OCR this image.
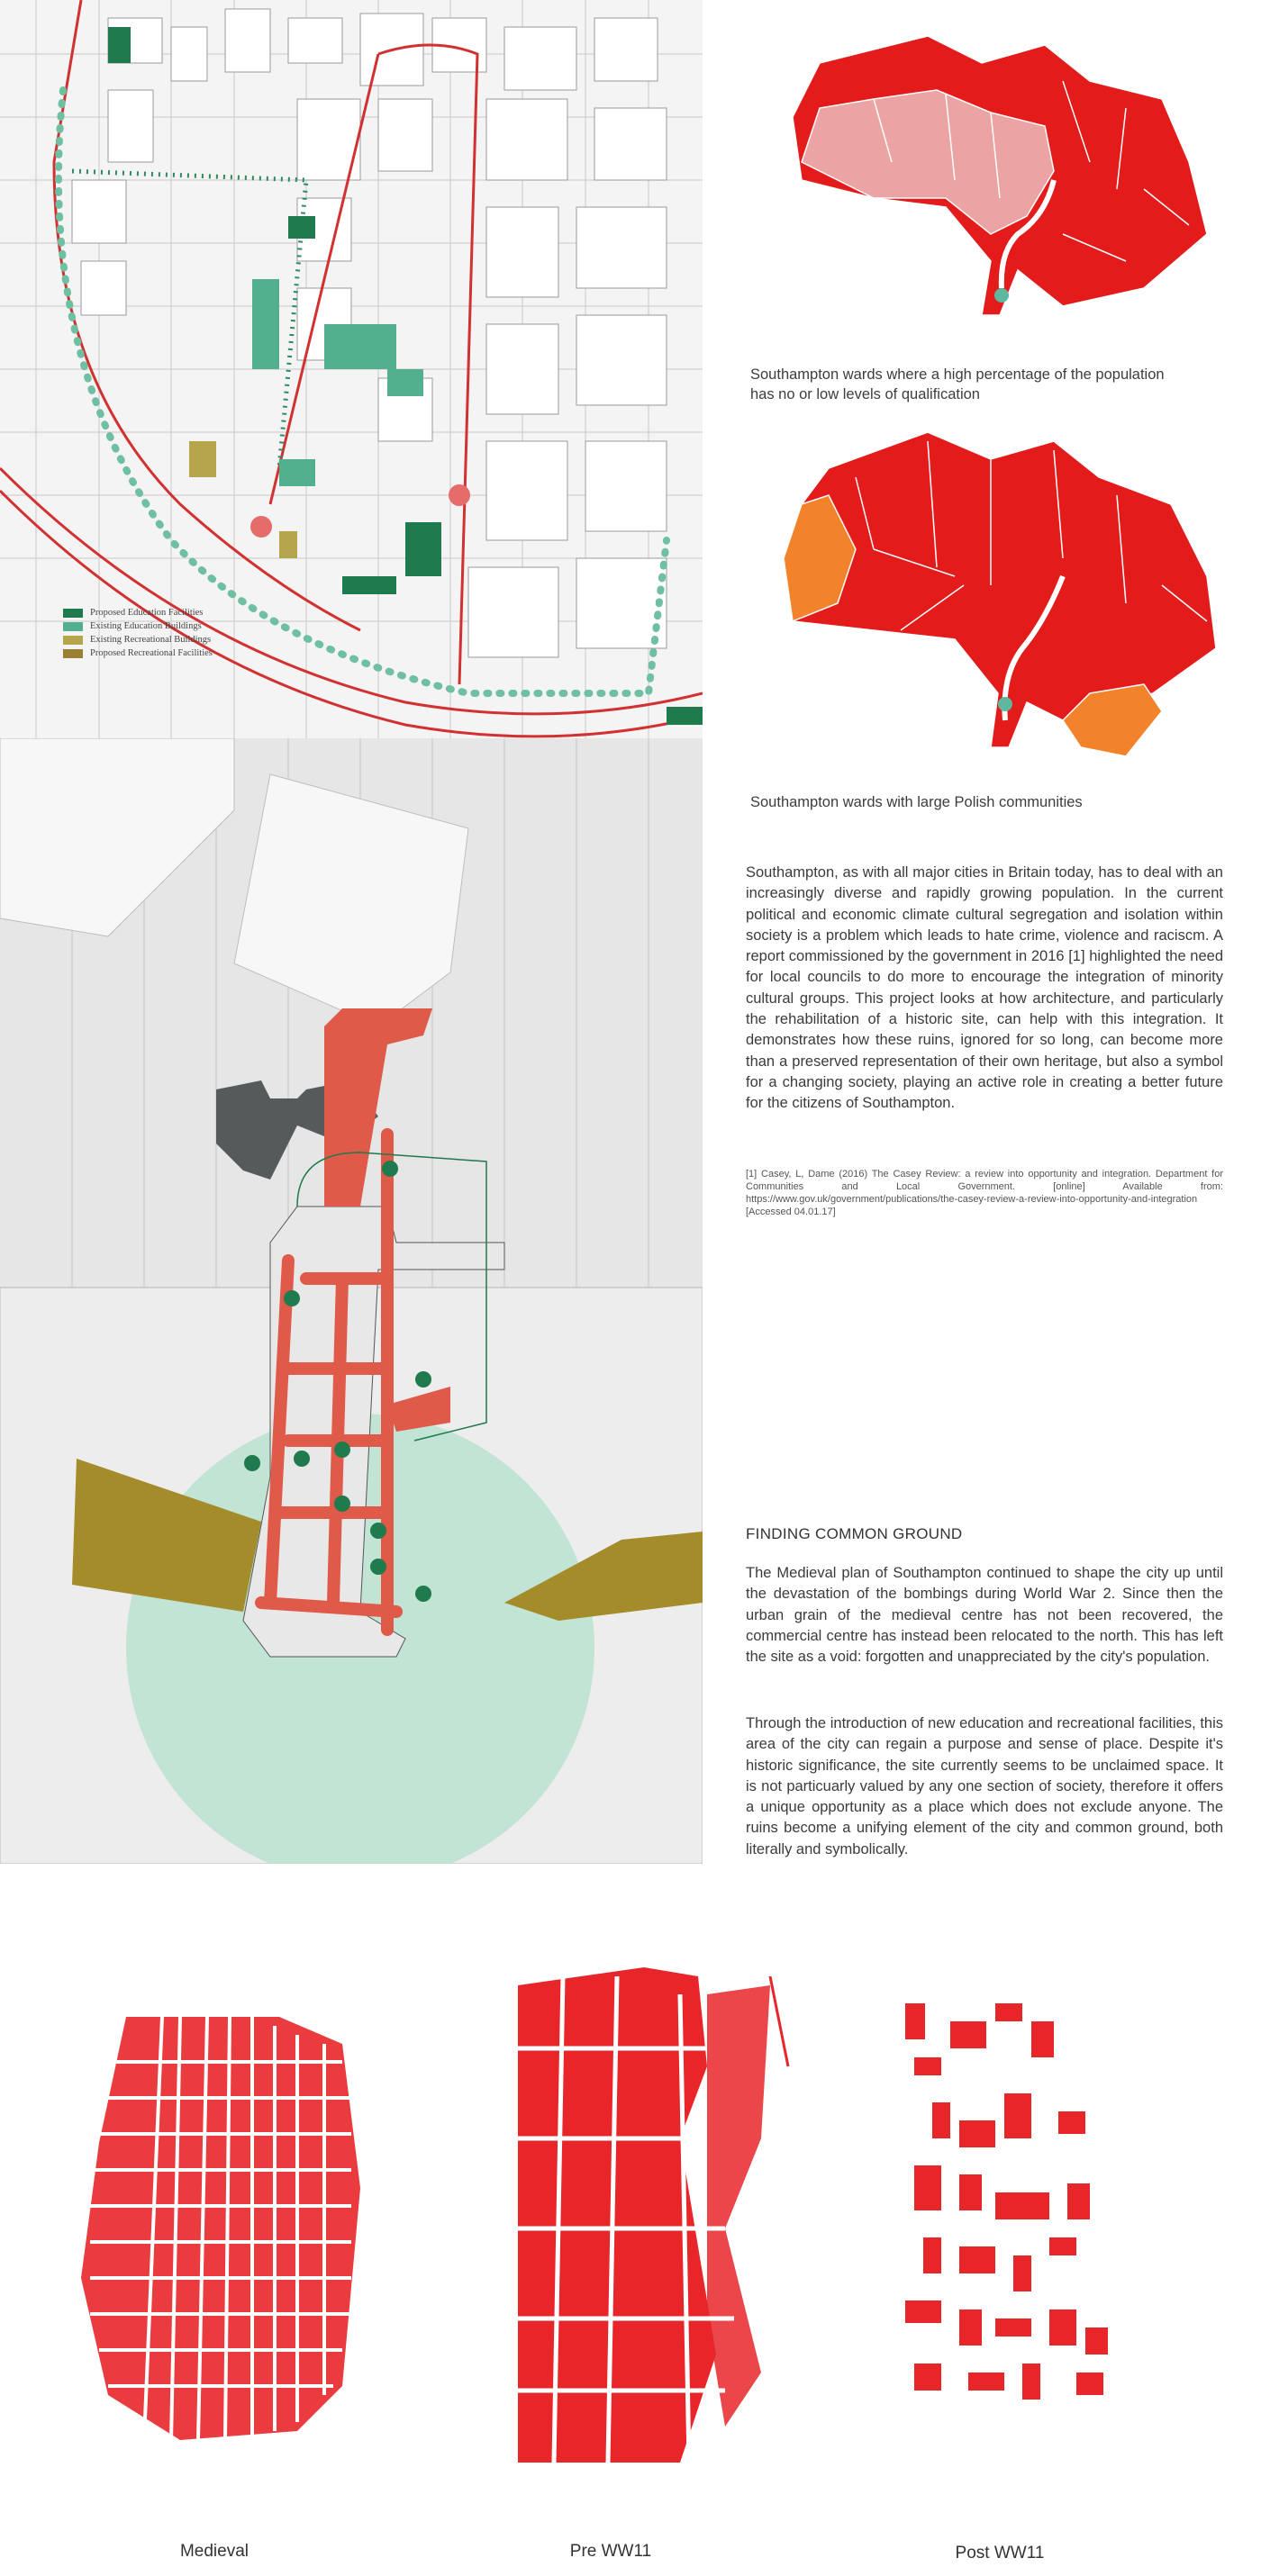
Proposed Education Facilities
Existing Education Buildings
Existing Recreational Buildings
Proposed Recreational Facilities
Southampton wards where a high percentage of the population has no or low levels of qualification
Southampton wards with large Polish communities
Southampton, as with all major cities in Britain today, has to deal with an increasingly diverse and rapidly growing population. In the current political and economic climate cultural segregation and isolation within society is a problem which leads to hate crime, violence and raciscm. A report commissioned by the government in 2016 [1] highlighted the need for local councils to do more to encourage the integration of minority cultural groups. This project looks at how architecture, and particularly the rehabilitation of a historic site, can help with this integration. It demonstrates how these ruins, ignored for so long, can become more than a preserved representation of their own heritage, but also a symbol for a changing society, playing an active role in creating a better future for the citizens of Southampton.
[1] Casey, L, Dame (2016) The Casey Review: a review into opportunity and integration. Department for Communities and Local Government. [online] Available from: https://www.gov.uk/government/publications/the-casey-review-a-review-into-opportunity-and-integration [Accessed 04.01.17]
FINDING COMMON GROUND
The Medieval plan of Southampton continued to shape the city up until the devastation of the bombings during World War 2. Since then the urban grain of the medieval centre has not been recovered, the commercial centre has instead been relocated to the north. This has left the site as a void: forgotten and unappreciated by the city's population.
Through the introduction of new education and recreational facilities, this area of the city can regain a purpose and sense of place. Despite it's historic significance, the site currently seems to be unclaimed space. It is not particuarly valued by any one section of society, therefore it offers a unique opportunity as a place which does not exclude anyone. The ruins become a unifying element of the city and common ground, both literally and symbolically.
Medieval	Pre WW11	Post WW11
